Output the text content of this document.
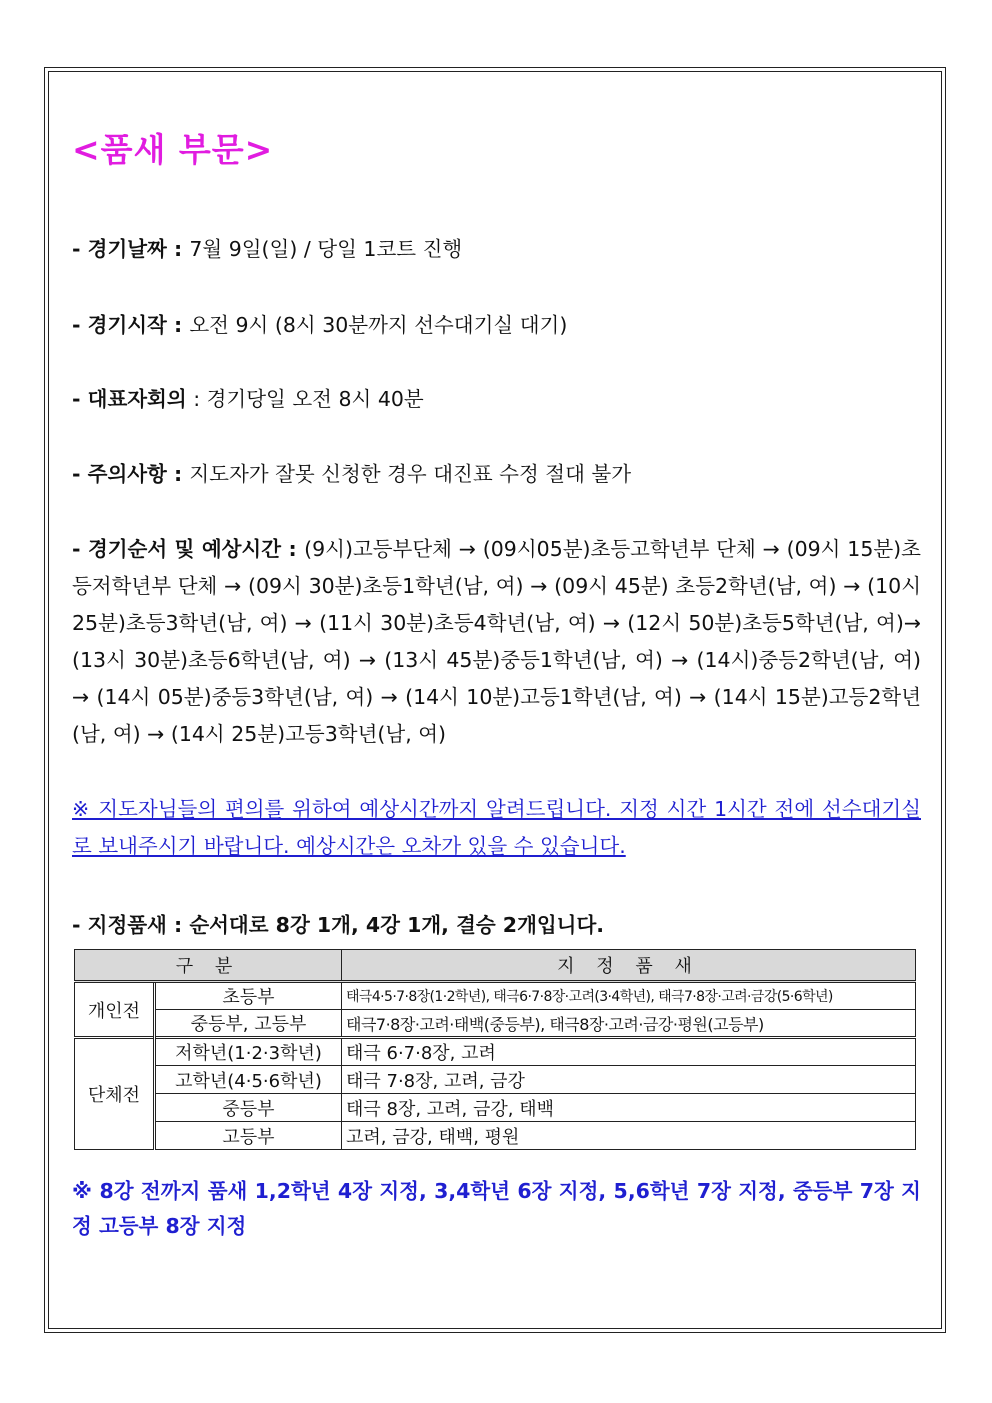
<품새 부문>
- 경기날짜 : 7월 9일(일) / 당일 1코트 진행
- 경기시작 : 오전 9시 (8시 30분까지 선수대기실 대기)
- 대표자회의 : 경기당일 오전 8시 40분
- 주의사항 : 지도자가 잘못 신청한 경우 대진표 수정 절대 불가
- 경기순서 및 예상시간 : (9시)고등부단체 → (09시05분)초등고학년부 단체 → (09시 15분)초등저학년부 단체 → (09시 30분)초등1학년(남, 여) → (09시 45분) 초등2학년(남, 여) → (10시 25분)초등3학년(남, 여) → (11시 30분)초등4학년(남, 여) → (12시 50분)초등5학년(남, 여)→ (13시 30분)초등6학년(남, 여) → (13시 45분)중등1학년(남, 여) → (14시)중등2학년(남, 여) → (14시 05분)중등3학년(남, 여) → (14시 10분)고등1학년(남, 여) → (14시 15분)고등2학년(남, 여) → (14시 25분)고등3학년(남, 여)
※ 지도자님들의 편의를 위하여 예상시간까지 알려드립니다. 지정 시간 1시간 전에 선수대기실로 보내주시기 바랍니다. 예상시간은 오차가 있을 수 있습니다.
- 지정품새 : 순서대로 8강 1개, 4강 1개, 결승 2개입니다.
구 분		지 정 품 새
개인전	초등부	태극4·5·7·8장(1·2학년), 태극6·7·8장·고려(3·4학년), 태극7·8장·고려·금강(5·6학년)
	중등부, 고등부	태극7·8장·고려·태백(중등부), 태극8장·고려·금강·평원(고등부)
단체전	저학년(1·2·3학년)	태극 6·7·8장, 고려
	고학년(4·5·6학년)	태극 7·8장, 고려, 금강
	중등부	태극 8장, 고려, 금강, 태백
	고등부	고려, 금강, 태백, 평원
※ 8강 전까지 품새 1,2학년 4장 지정, 3,4학년 6장 지정, 5,6학년 7장 지정, 중등부 7장 지정 고등부 8장 지정
